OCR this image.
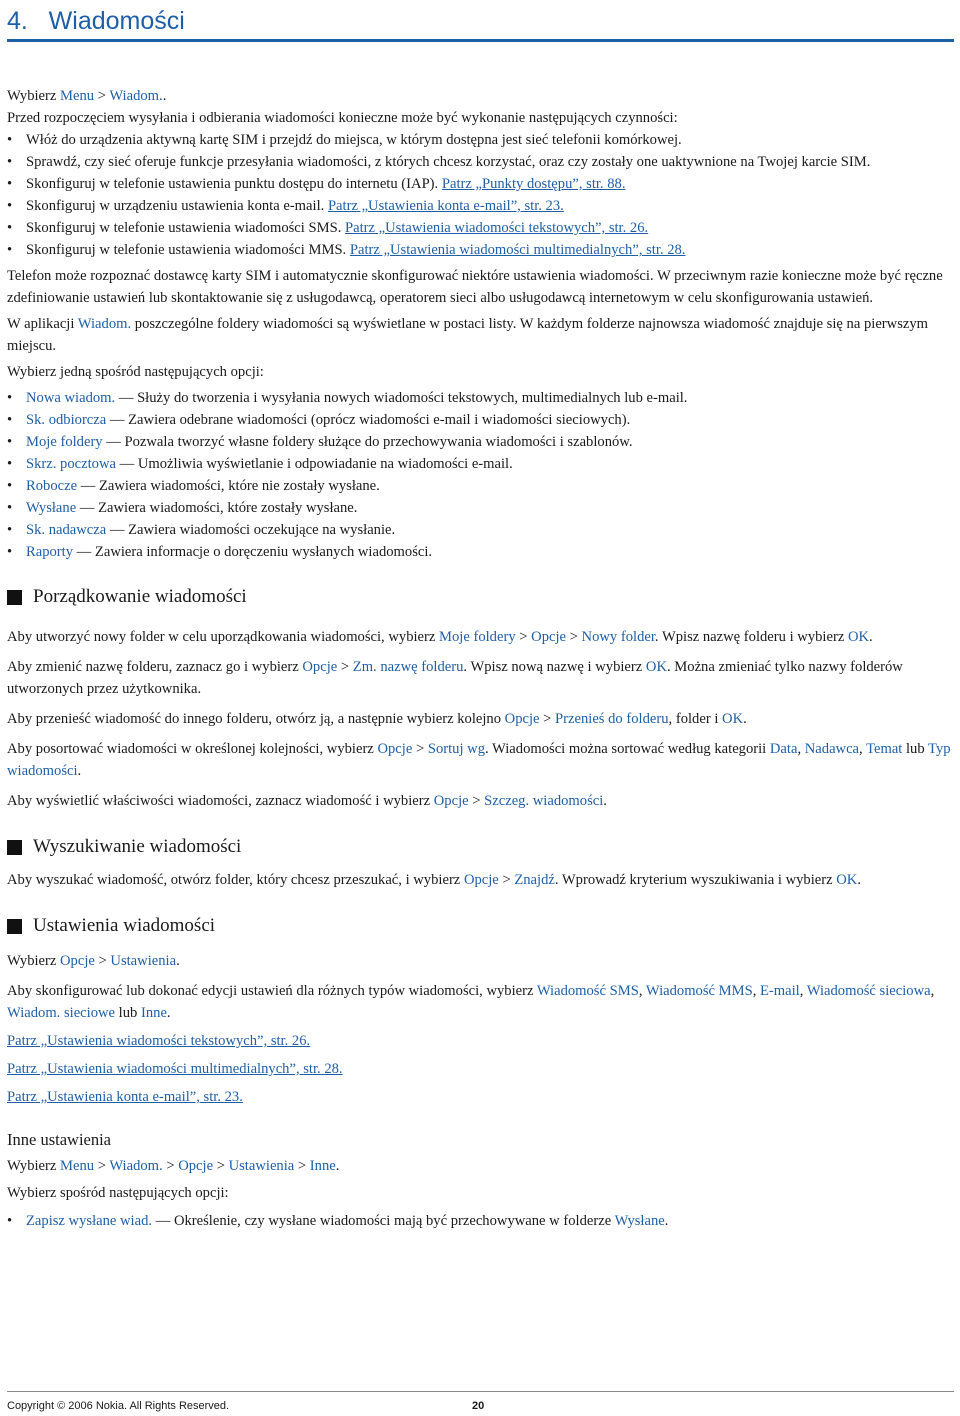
4.   Wiadomości

Wybierz Menu > Wiadom..

Przed rozpoczęciem wysyłania i odbierania wiadomości konieczne może być wykonanie następujących czynności:

• Włóż do urządzenia aktywną kartę SIM i przejdź do miejsca, w którym dostępna jest sieć telefonii komórkowej.
• Sprawdź, czy sieć oferuje funkcje przesyłania wiadomości, z których chcesz korzystać, oraz czy zostały one uaktywnione na Twojej karcie SIM.
• Skonfiguruj w telefonie ustawienia punktu dostępu do internetu (IAP). Patrz „Punkty dostępu”, str. 88.
• Skonfiguruj w urządzeniu ustawienia konta e-mail. Patrz „Ustawienia konta e-mail”, str. 23.
• Skonfiguruj w telefonie ustawienia wiadomości SMS. Patrz „Ustawienia wiadomości tekstowych”, str. 26.
• Skonfiguruj w telefonie ustawienia wiadomości MMS. Patrz „Ustawienia wiadomości multimedialnych”, str. 28.

Telefon może rozpoznać dostawcę karty SIM i automatycznie skonfigurować niektóre ustawienia wiadomości. W przeciwnym razie konieczne może być ręczne zdefiniowanie ustawień lub skontaktowanie się z usługodawcą, operatorem sieci albo usługodawcą internetowym w celu skonfigurowania ustawień.

W aplikacji Wiadom. poszczególne foldery wiadomości są wyświetlane w postaci listy. W każdym folderze najnowsza wiadomość znajduje się na pierwszym miejscu.

Wybierz jedną spośród następujących opcji:

• Nowa wiadom. — Służy do tworzenia i wysyłania nowych wiadomości tekstowych, multimedialnych lub e-mail.
• Sk. odbiorcza — Zawiera odebrane wiadomości (oprócz wiadomości e-mail i wiadomości sieciowych).
• Moje foldery — Pozwala tworzyć własne foldery służące do przechowywania wiadomości i szablonów.
• Skrz. pocztowa — Umożliwia wyświetlanie i odpowiadanie na wiadomości e-mail.
• Robocze — Zawiera wiadomości, które nie zostały wysłane.
• Wysłane — Zawiera wiadomości, które zostały wysłane.
• Sk. nadawcza — Zawiera wiadomości oczekujące na wysłanie.
• Raporty — Zawiera informacje o doręczeniu wysłanych wiadomości.
Porządkowanie wiadomości

Aby utworzyć nowy folder w celu uporządkowania wiadomości, wybierz Moje foldery > Opcje > Nowy folder. Wpisz nazwę folderu i wybierz OK.

Aby zmienić nazwę folderu, zaznacz go i wybierz Opcje > Zm. nazwę folderu. Wpisz nową nazwę i wybierz OK. Można zmieniać tylko nazwy folderów utworzonych przez użytkownika.

Aby przenieść wiadomość do innego folderu, otwórz ją, a następnie wybierz kolejno Opcje > Przenieś do folderu, folder i OK.

Aby posortować wiadomości w określonej kolejności, wybierz Opcje > Sortuj wg. Wiadomości można sortować według kategorii Data, Nadawca, Temat lub Typ wiadomości.

Aby wyświetlić właściwości wiadomości, zaznacz wiadomość i wybierz Opcje > Szczeg. wiadomości.

Wyszukiwanie wiadomości

Aby wyszukać wiadomość, otwórz folder, który chcesz przeszukać, i wybierz Opcje > Znajdź. Wprowadź kryterium wyszukiwania i wybierz OK.

Ustawienia wiadomości

Wybierz Opcje > Ustawienia.

Aby skonfigurować lub dokonać edycji ustawień dla różnych typów wiadomości, wybierz Wiadomość SMS, Wiadomość MMS, E-mail, Wiadomość sieciowa, Wiadom. sieciowe lub Inne.

Patrz „Ustawienia wiadomości tekstowych”, str. 26.

Patrz „Ustawienia wiadomości multimedialnych”, str. 28.

Patrz „Ustawienia konta e-mail”, str. 23.

Inne ustawienia

Wybierz Menu > Wiadom. > Opcje > Ustawienia > Inne.

Wybierz spośród następujących opcji:

• Zapisz wysłane wiad. — Określenie, czy wysłane wiadomości mają być przechowywane w folderze Wysłane.
Copyright © 2006 Nokia. All Rights Reserved.	20
